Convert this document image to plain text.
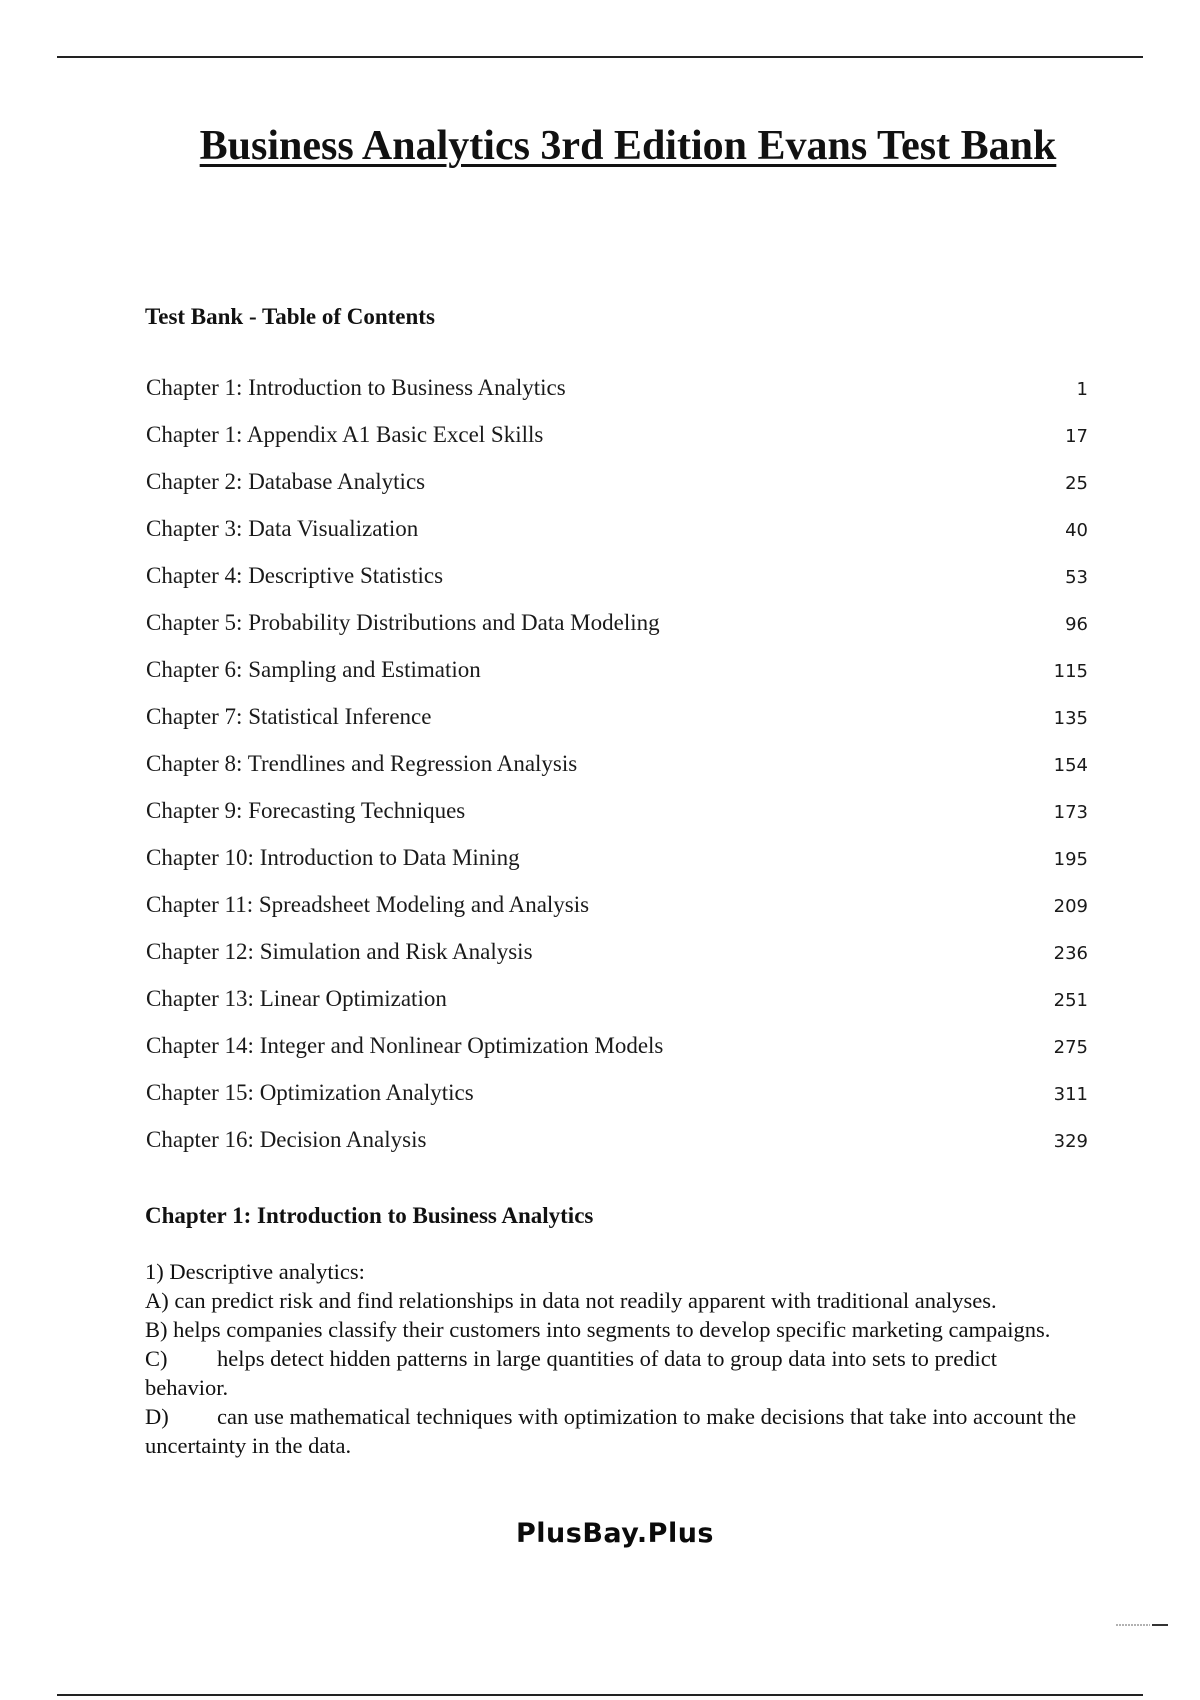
Business Analytics 3rd Edition Evans Test Bank
Test Bank - Table of Contents
Chapter 1: Introduction to Business Analytics	1
Chapter 1: Appendix A1 Basic Excel Skills	17
Chapter 2: Database Analytics	25
Chapter 3: Data Visualization	40
Chapter 4: Descriptive Statistics	53
Chapter 5: Probability Distributions and Data Modeling	96
Chapter 6: Sampling and Estimation	115
Chapter 7: Statistical Inference	135
Chapter 8: Trendlines and Regression Analysis	154
Chapter 9: Forecasting Techniques	173
Chapter 10: Introduction to Data Mining	195
Chapter 11: Spreadsheet Modeling and Analysis	209
Chapter 12: Simulation and Risk Analysis	236
Chapter 13: Linear Optimization	251
Chapter 14: Integer and Nonlinear Optimization Models	275
Chapter 15: Optimization Analytics	311
Chapter 16: Decision Analysis	329
Chapter 1: Introduction to Business Analytics

1) Descriptive analytics:

A) can predict risk and find relationships in data not readily apparent with traditional analyses.

B) helps companies classify their customers into segments to develop specific marketing campaigns.

C) helps detect hidden patterns in large quantities of data to group data into sets to predict behavior.

D) can use mathematical techniques with optimization to make decisions that take into account the uncertainty in the data.

PlusBay.Plus
